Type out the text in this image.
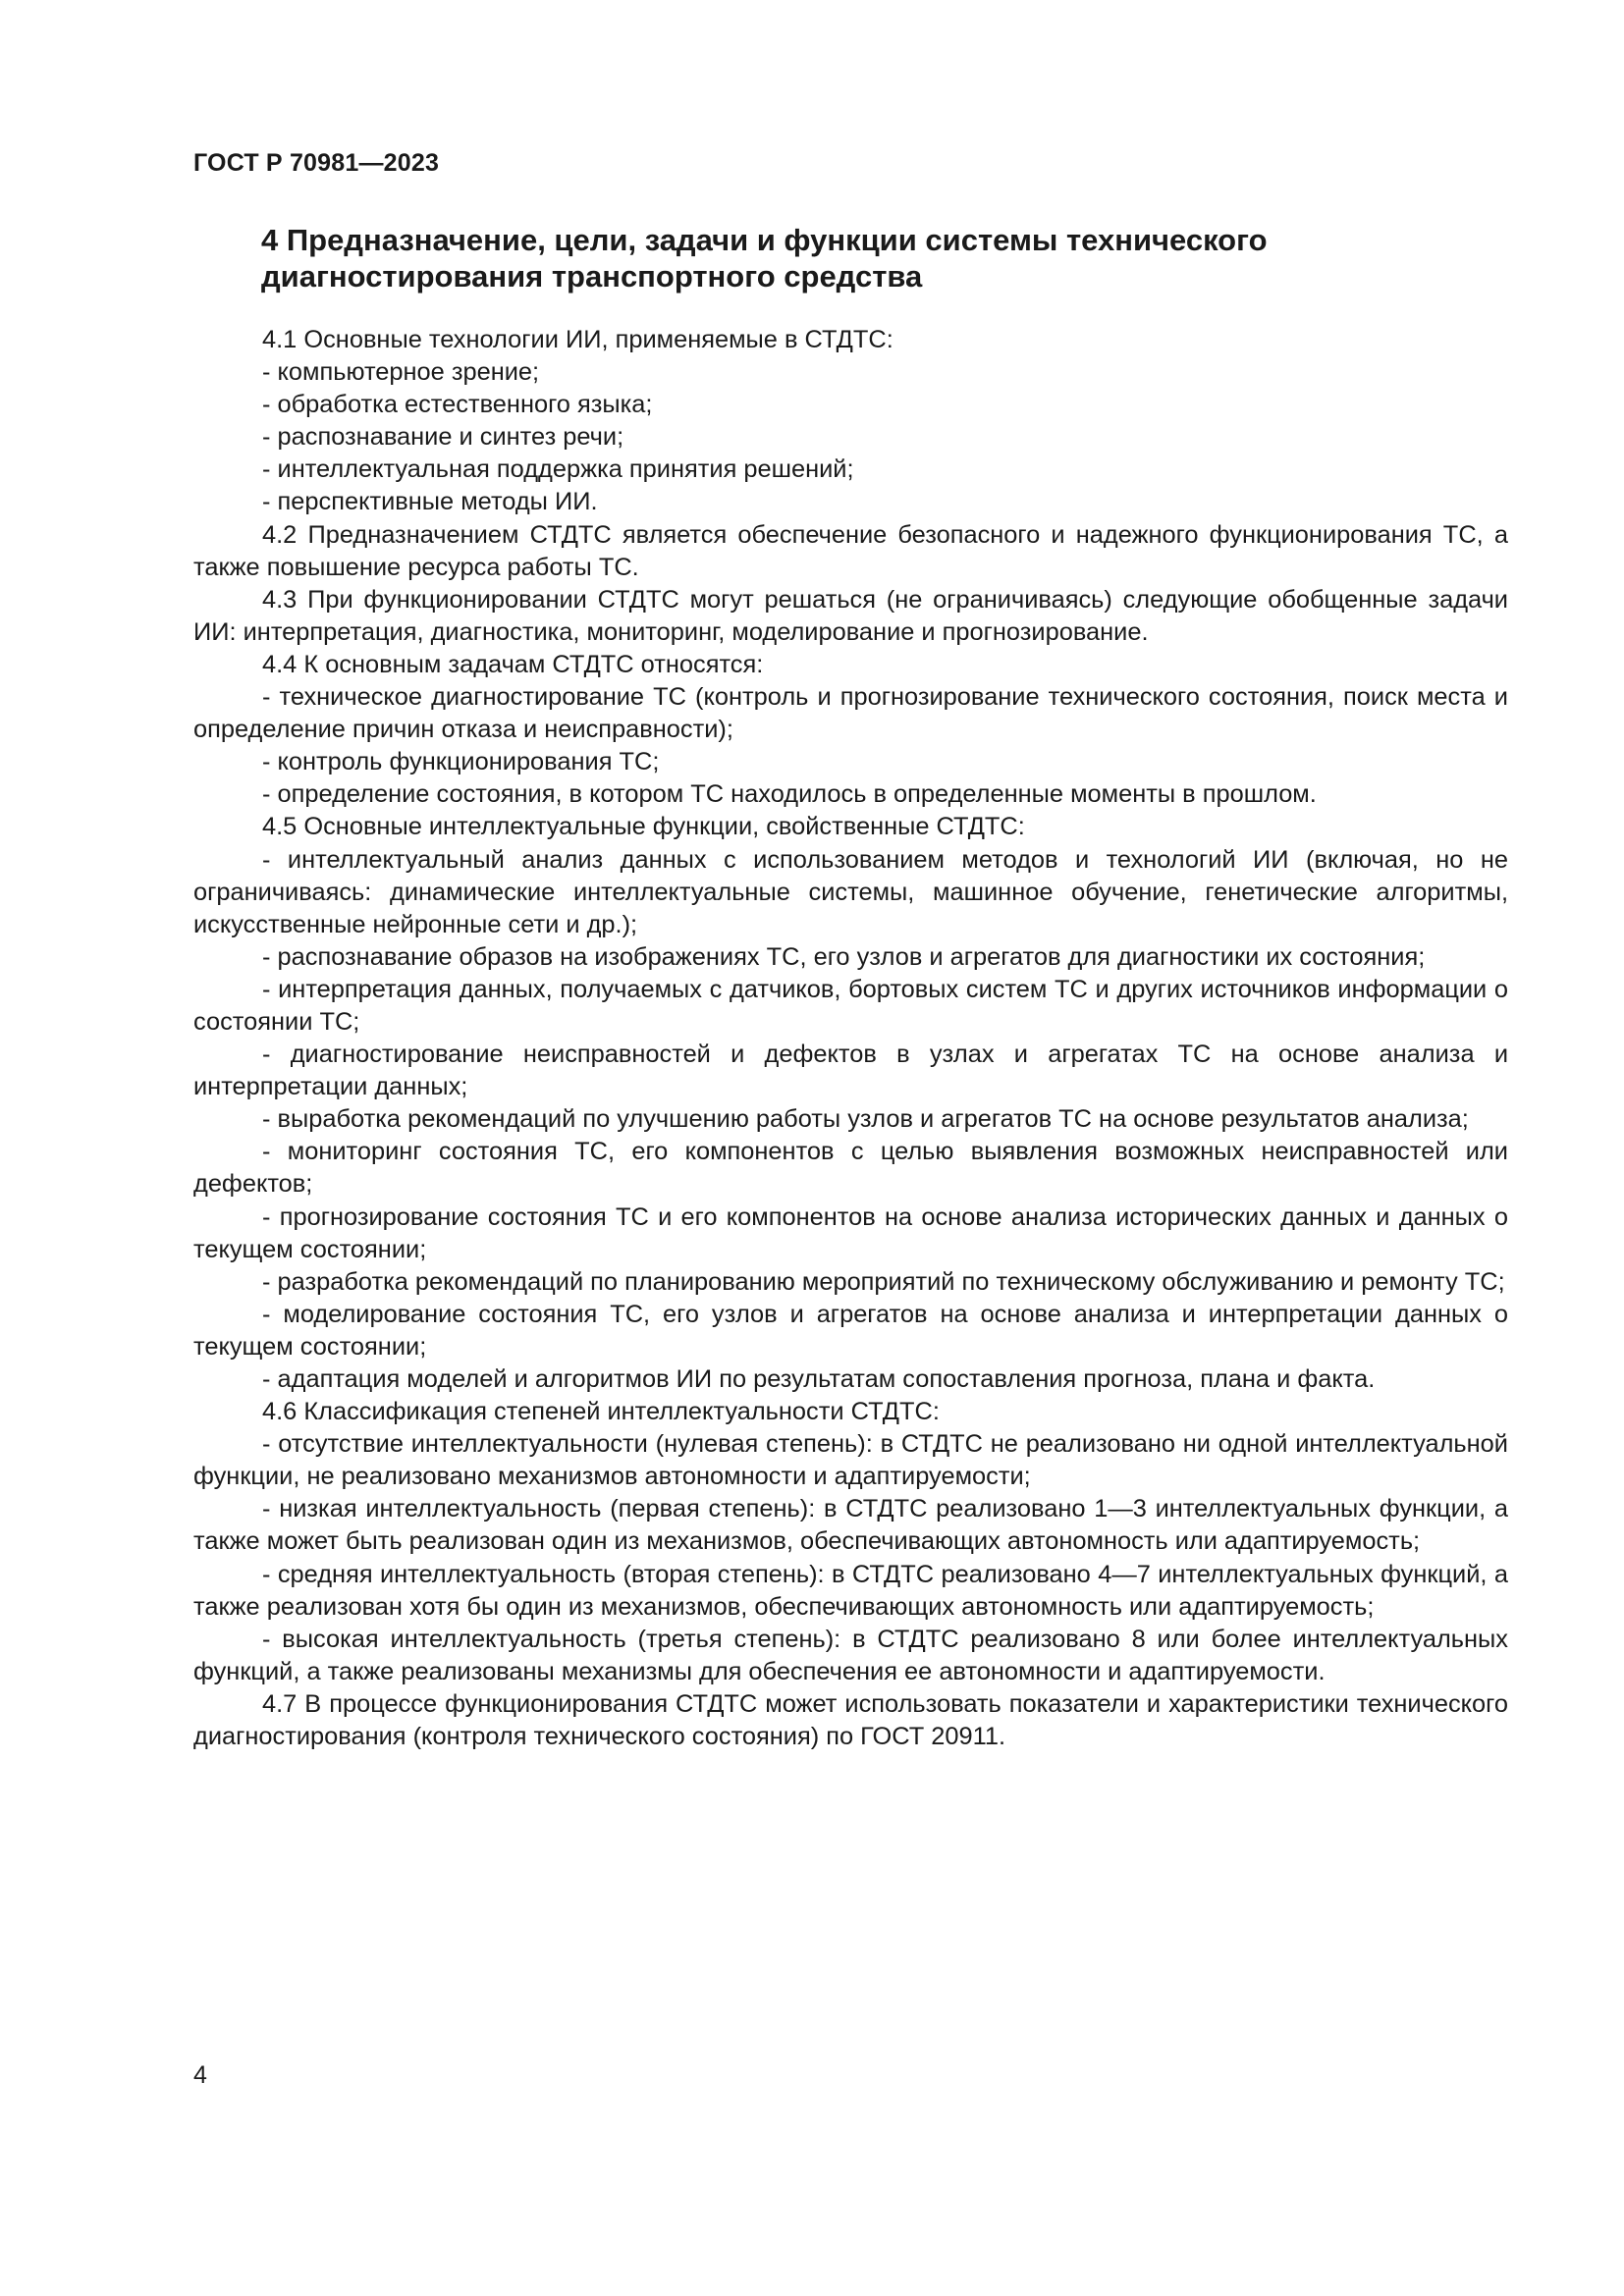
ГОСТ Р 70981—2023
4 Предназначение, цели, задачи и функции системы технического диагностирования транспортного средства

4.1 Основные технологии ИИ, применяемые в СТДТС:

- компьютерное зрение;

- обработка естественного языка;

- распознавание и синтез речи;

- интеллектуальная поддержка принятия решений;

- перспективные методы ИИ.

4.2 Предназначением СТДТС является обеспечение безопасного и надежного функционирования ТС, а также повышение ресурса работы ТС.

4.3 При функционировании СТДТС могут решаться (не ограничиваясь) следующие обобщенные задачи ИИ: интерпретация, диагностика, мониторинг, моделирование и прогнозирование.

4.4 К основным задачам СТДТС относятся:

- техническое диагностирование ТС (контроль и прогнозирование технического состояния, поиск места и определение причин отказа и неисправности);

- контроль функционирования ТС;

- определение состояния, в котором ТС находилось в определенные моменты в прошлом.

4.5 Основные интеллектуальные функции, свойственные СТДТС:

- интеллектуальный анализ данных с использованием методов и технологий ИИ (включая, но не ограничиваясь: динамические интеллектуальные системы, машинное обучение, генетические алгоритмы, искусственные нейронные сети и др.);

- распознавание образов на изображениях ТС, его узлов и агрегатов для диагностики их состояния;

- интерпретация данных, получаемых с датчиков, бортовых систем ТС и других источников информации о состоянии ТС;

- диагностирование неисправностей и дефектов в узлах и агрегатах ТС на основе анализа и интерпретации данных;

- выработка рекомендаций по улучшению работы узлов и агрегатов ТС на основе результатов анализа;

- мониторинг состояния ТС, его компонентов с целью выявления возможных неисправностей или дефектов;

- прогнозирование состояния ТС и его компонентов на основе анализа исторических данных и данных о текущем состоянии;

- разработка рекомендаций по планированию мероприятий по техническому обслуживанию и ремонту ТС;

- моделирование состояния ТС, его узлов и агрегатов на основе анализа и интерпретации данных о текущем состоянии;

- адаптация моделей и алгоритмов ИИ по результатам сопоставления прогноза, плана и факта.

4.6 Классификация степеней интеллектуальности СТДТС:

- отсутствие интеллектуальности (нулевая степень): в СТДТС не реализовано ни одной интеллектуальной функции, не реализовано механизмов автономности и адаптируемости;

- низкая интеллектуальность (первая степень): в СТДТС реализовано 1—3 интеллектуальных функции, а также может быть реализован один из механизмов, обеспечивающих автономность или адаптируемость;

- средняя интеллектуальность (вторая степень): в СТДТС реализовано 4—7 интеллектуальных функций, а также реализован хотя бы один из механизмов, обеспечивающих автономность или адаптируемость;

- высокая интеллектуальность (третья степень): в СТДТС реализовано 8 или более интеллектуальных функций, а также реализованы механизмы для обеспечения ее автономности и адаптируемости.

4.7 В процессе функционирования СТДТС может использовать показатели и характеристики технического диагностирования (контроля технического состояния) по ГОСТ 20911.

4
